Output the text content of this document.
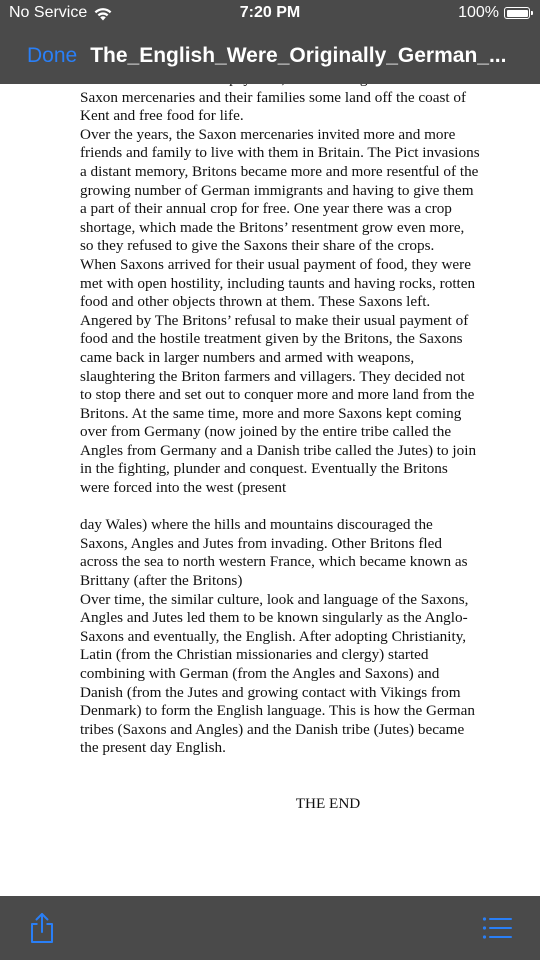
Saxon mercenaries and their families some land off the coast of Kent and free food for life.

Over the years, the Saxon mercenaries invited more and more friends and family to live with them in Britain. The Pict invasions a distant memory, Britons became more and more resentful of the growing number of German immigrants and having to give them a part of their annual crop for free. One year there was a crop shortage, which made the Britons’ resentment grow even more, so they refused to give the Saxons their share of the crops.

When Saxons arrived for their usual payment of food, they were met with open hostility, including taunts and having rocks, rotten food and other objects thrown at them. These Saxons left. Angered by The Britons’ refusal to make their usual payment of food and the hostile treatment given by the Britons, the Saxons came back in larger numbers and armed with weapons, slaughtering the Briton farmers and villagers. They decided not to stop there and set out to conquer more and more land from the Britons. At the same time, more and more Saxons kept coming over from Germany (now joined by the entire tribe called the Angles from Germany and a Danish tribe called the Jutes) to join in the fighting, plunder and conquest. Eventually the Britons were forced into the west (present

day Wales) where the hills and mountains discouraged the Saxons, Angles and Jutes from invading. Other Britons fled across the sea to north western France, which became known as Brittany (after the Britons)

Over time, the similar culture, look and language of the Saxons, Angles and Jutes led them to be known singularly as the Anglo-Saxons and eventually, the English. After adopting Christianity, Latin (from the Christian missionaries and clergy) started combining with German (from the Angles and Saxons) and Danish (from the Jutes and growing contact with Vikings from Denmark) to form the English language. This is how the German tribes (Saxons and Angles) and the Danish tribe (Jutes) became the present day English.

THE END

No Service	7:20 PM	100%
Done The_English_Were_Originally_German_...
